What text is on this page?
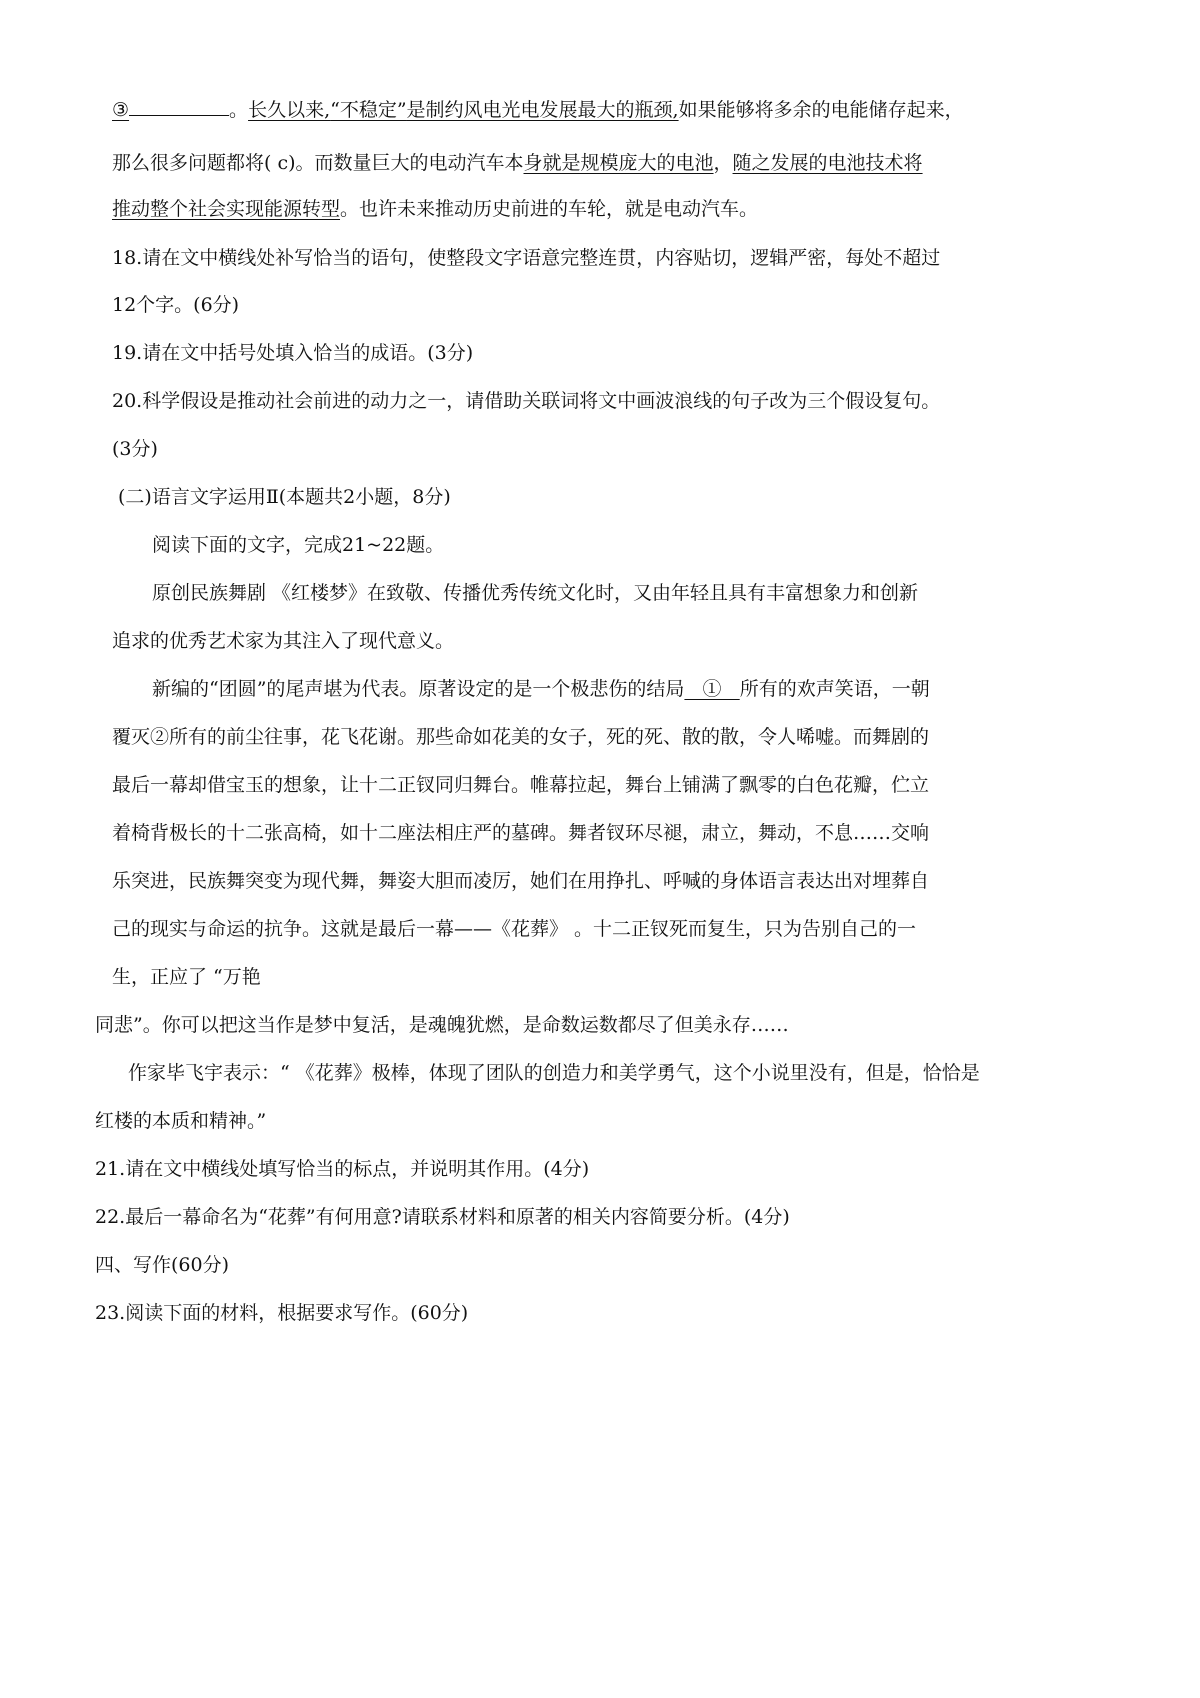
③	。长久以来,“不稳定”是制约风电光电发展最大的瓶颈,如果能够将多余的电能储存起来，
那么很多问题都将( c)。而数量巨大的电动汽车本身就是规模庞大的电池，随之发展的电池技术将
推动整个社会实现能源转型。也许未来推动历史前进的车轮，就是电动汽车。
18.请在文中横线处补写恰当的语句，使整段文字语意完整连贯，内容贴切，逻辑严密，每处不超过
12个字。(6分)
19.请在文中括号处填入恰当的成语。(3分)
20.科学假设是推动社会前进的动力之一，请借助关联词将文中画波浪线的句子改为三个假设复句。
(3分)
(二)语言文字运用Ⅱ(本题共2小题，8分)
阅读下面的文字，完成21~22题。
原创民族舞剧 《红楼梦》在致敬、传播优秀传统文化时，又由年轻且具有丰富想象力和创新
追求的优秀艺术家为其注入了现代意义。
新编的“团圆”的尾声堪为代表。原著设定的是一个极悲伤的结局   ①   所有的欢声笑语，一朝
覆灭②所有的前尘往事，花飞花谢。那些命如花美的女子，死的死、散的散，令人唏嘘。而舞剧的
最后一幕却借宝玉的想象，让十二正钗同归舞台。帷幕拉起，舞台上铺满了飘零的白色花瓣，伫立
着椅背极长的十二张高椅，如十二座法相庄严的墓碑。舞者钗环尽褪，肃立，舞动，不息……交响
乐突进，民族舞突变为现代舞，舞姿大胆而凌厉，她们在用挣扎、呼喊的身体语言表达出对埋葬自
己的现实与命运的抗争。这就是最后一幕——《花葬》 。十二正钗死而复生，只为告别自己的一
生，正应了 “万艳
同悲”。你可以把这当作是梦中复活，是魂魄犹燃，是命数运数都尽了但美永存……
作家毕飞宇表示：“ 《花葬》极棒，体现了团队的创造力和美学勇气，这个小说里没有，但是，恰恰是
红楼的本质和精神。”
21.请在文中横线处填写恰当的标点，并说明其作用。(4分)
22.最后一幕命名为“花葬”有何用意?请联系材料和原著的相关内容简要分析。(4分)
四、写作(60分)
23.阅读下面的材料，根据要求写作。(60分)
